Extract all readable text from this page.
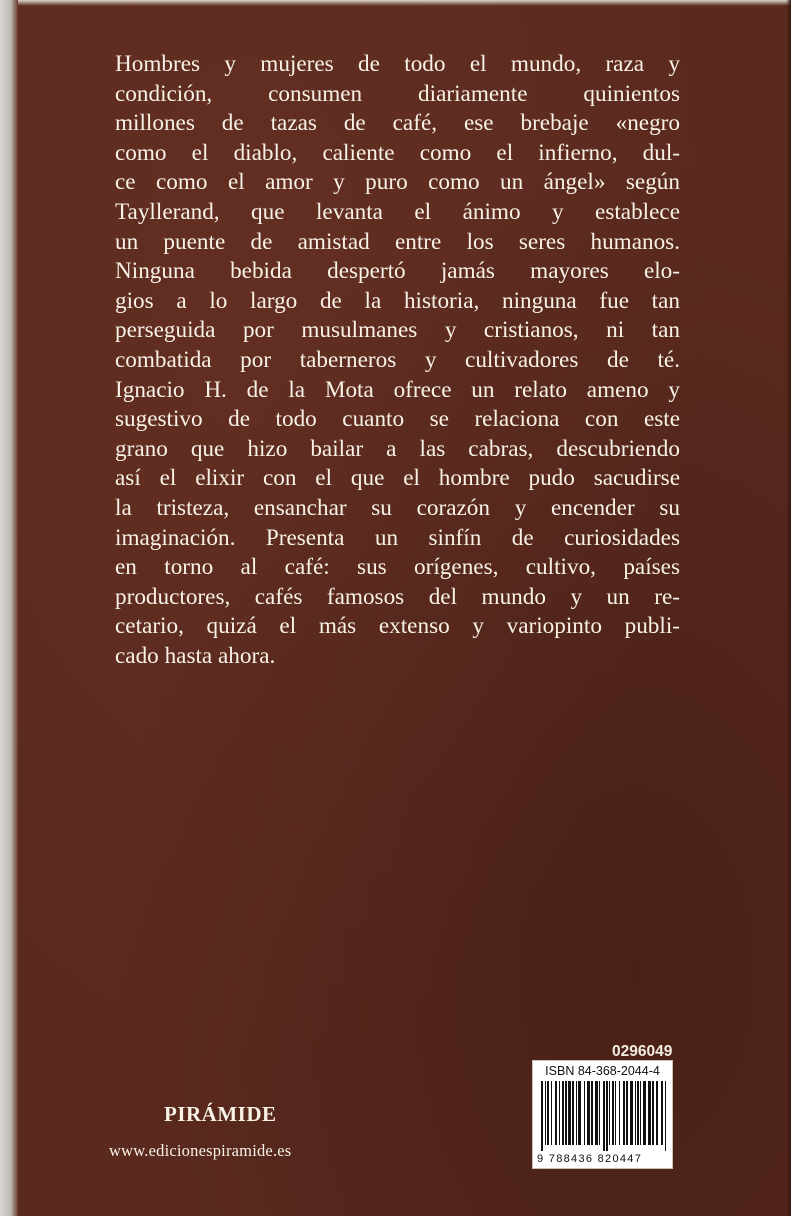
Hombres y mujeres de todo el mundo, raza y
condición, consumen diariamente quinientos
millones de tazas de café, ese brebaje «negro
como el diablo, caliente como el infierno, dul-
ce como el amor y puro como un ángel» según
Tayllerand, que levanta el ánimo y establece
un puente de amistad entre los seres humanos.
Ninguna bebida despertó jamás mayores elo-
gios a lo largo de la historia, ninguna fue tan
perseguida por musulmanes y cristianos, ni tan
combatida por taberneros y cultivadores de té.
Ignacio H. de la Mota ofrece un relato ameno y
sugestivo de todo cuanto se relaciona con este
grano que hizo bailar a las cabras, descubriendo
así el elixir con el que el hombre pudo sacudirse
la tristeza, ensanchar su corazón y encender su
imaginación. Presenta un sinfín de curiosidades
en torno al café: sus orígenes, cultivo, países
productores, cafés famosos del mundo y un re-
cetario, quizá el más extenso y variopinto publi-
cado hasta ahora.
PIRÁMIDE
www.edicionespiramide.es
0296049
ISBN 84-368-2044-4
9 788436 820447
